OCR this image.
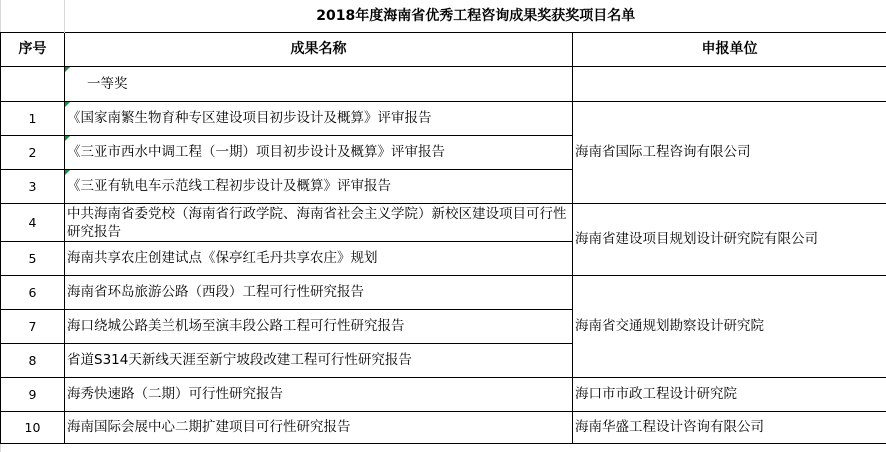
	2018年度海南省优秀工程咨询成果奖获奖项目名单	
序号	成果名称	申报单位
	一等奖	
1	《国家南繁生物育种专区建设项目初步设计及概算》评审报告	海南省国际工程咨询有限公司
2	《三亚市西水中调工程（一期）项目初步设计及概算》评审报告	
3	《三亚有轨电车示范线工程初步设计及概算》评审报告	
4	中共海南省委党校（海南省行政学院、海南省社会主义学院）新校区建设项目可行性研究报告	海南省建设项目规划设计研究院有限公司
5	海南共享农庄创建试点《保亭红毛丹共享农庄》规划	
6	海南省环岛旅游公路（西段）工程可行性研究报告	海南省交通规划勘察设计研究院
7	海口绕城公路美兰机场至演丰段公路工程可行性研究报告	
8	省道S314天新线天涯至新宁坡段改建工程可行性研究报告	
9	海秀快速路（二期）可行性研究报告	海口市市政工程设计研究院
10	海南国际会展中心二期扩建项目可行性研究报告	海南华盛工程设计咨询有限公司
